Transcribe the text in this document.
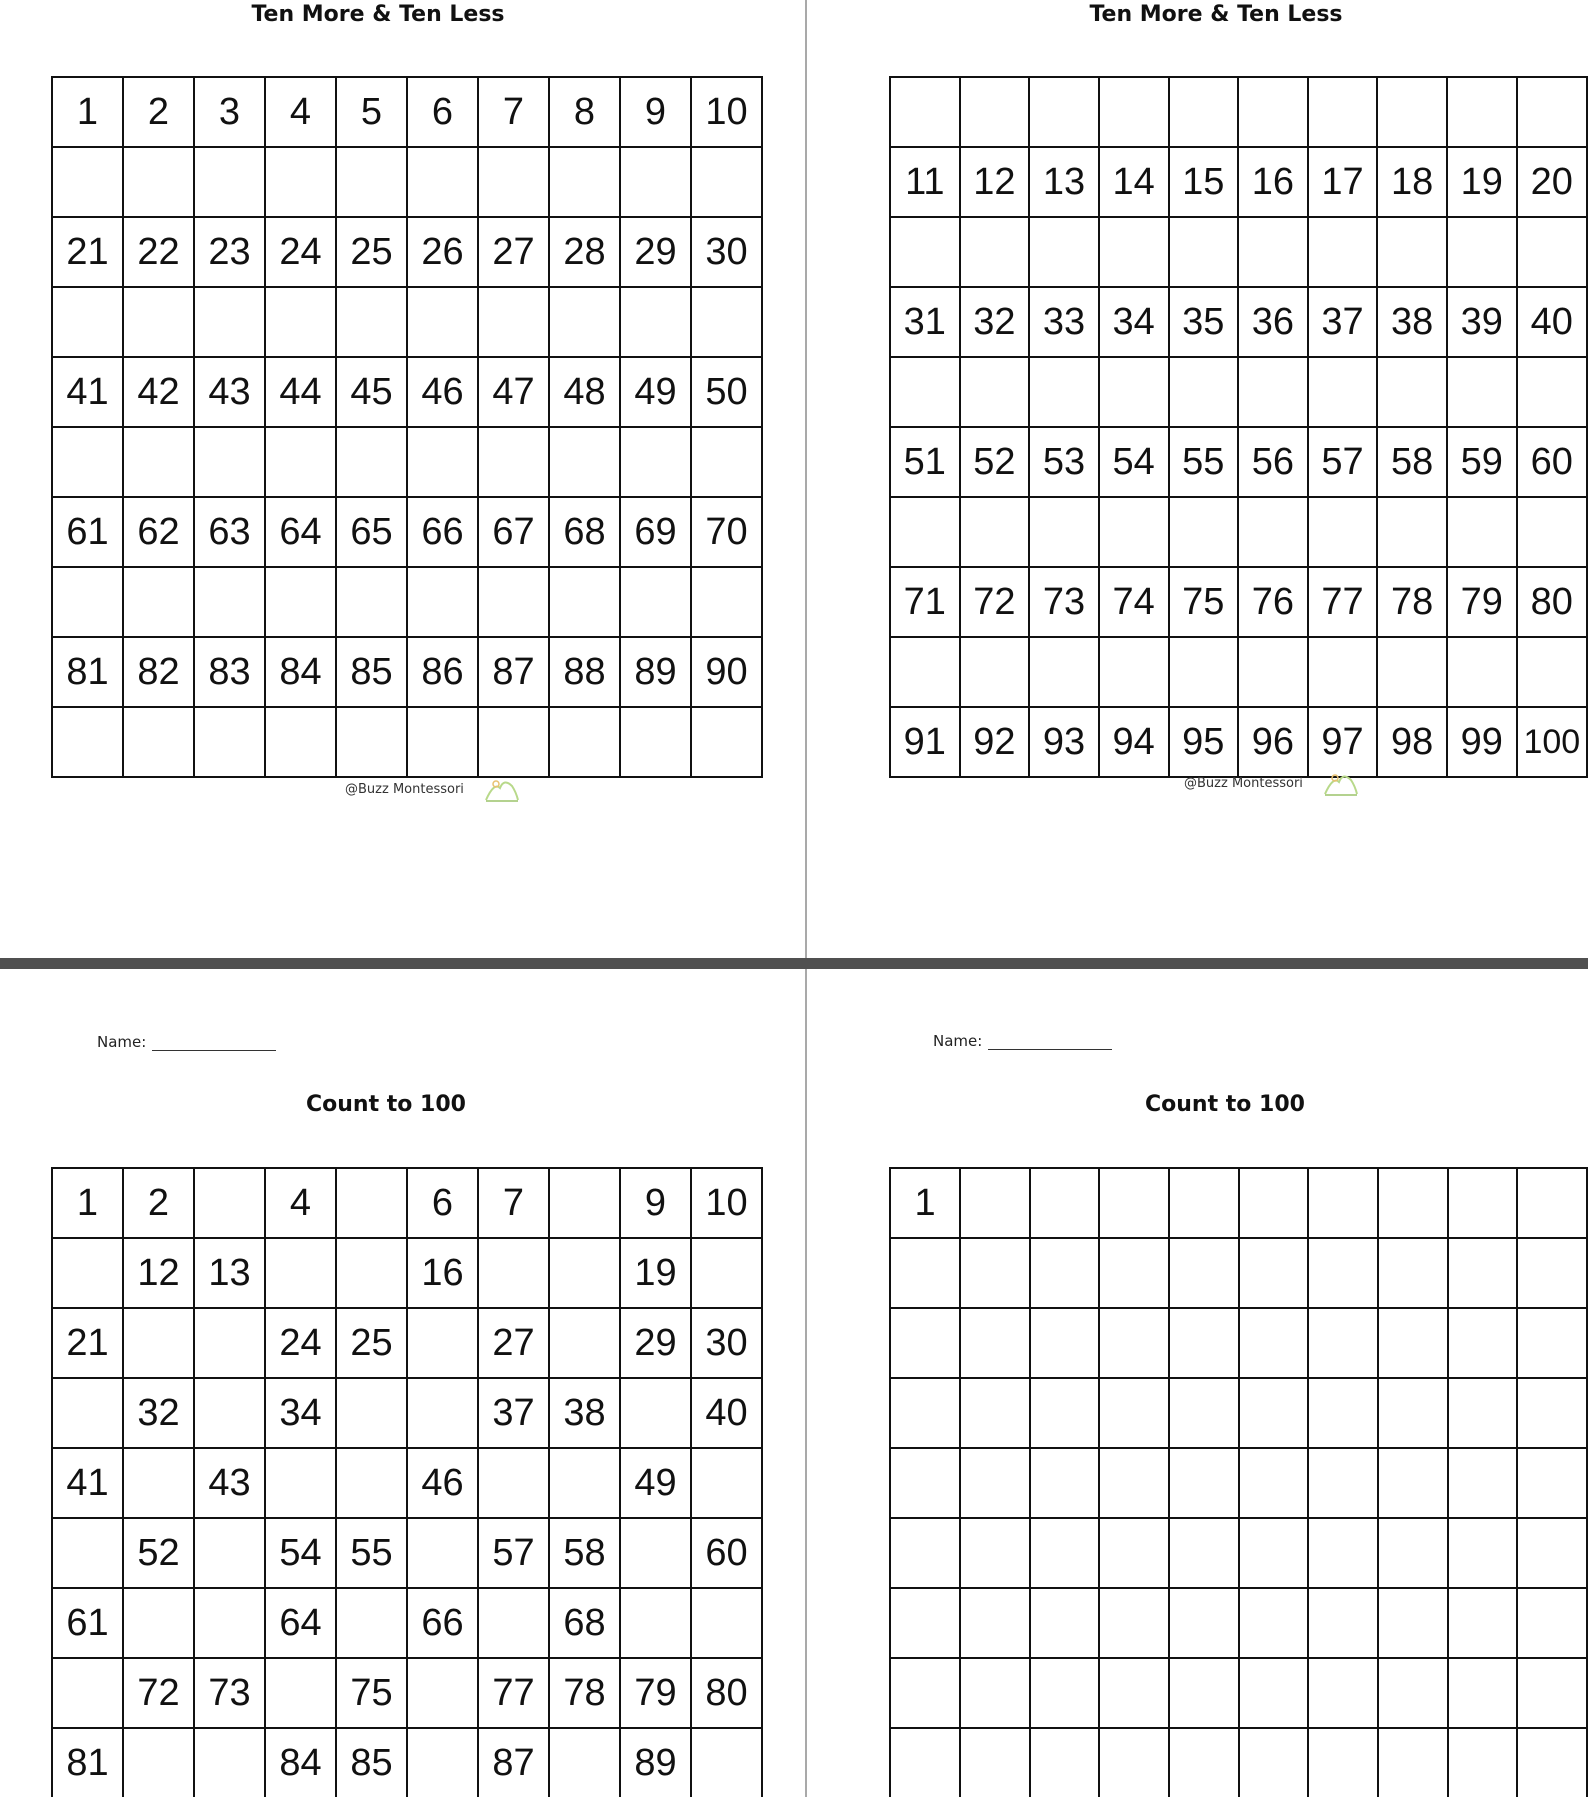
Ten More & Ten Less
1	2	3	4	5	6	7	8	9	10

21	22	23	24	25	26	27	28	29	30

41	42	43	44	45	46	47	48	49	50

61	62	63	64	65	66	67	68	69	70

81	82	83	84	85	86	87	88	89	90

@Buzz Montessori
Ten More & Ten Less

11	12	13	14	15	16	17	18	19	20

31	32	33	34	35	36	37	38	39	40

51	52	53	54	55	56	57	58	59	60

71	72	73	74	75	76	77	78	79	80

91	92	93	94	95	96	97	98	99	100
@Buzz Montessori
Name:
Count to 100
1	2		4		6	7		9	10
	12	13			16			19	
21			24	25		27		29	30
	32		34			37	38		40
41		43			46			49	
	52		54	55		57	58		60
61			64		66		68		
	72	73		75		77	78	79	80
81			84	85		87		89	

Name:
Count to 100
1									
